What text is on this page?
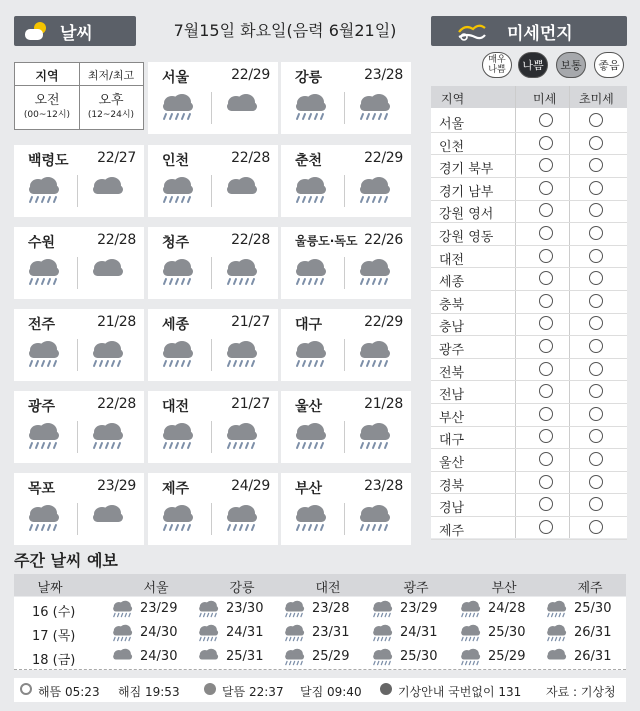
날씨	7월15일 화요일(음력 6월21일)	미세먼지
지역	최저/최고
오전
(00~12시)
오후
(12~24시)
서울	22/29 강릉	23/28
백령도 22/27 인천	22/28 춘천	22/29
수원	22/28 청주	22/28 울릉도·독도 22/26
전주	21/28 세종	21/27 대구	22/29
광주	22/28 대전	21/27 울산	21/28
목포	23/29 제주	24/29 부산	23/28
매우나쁨	나쁨	보통	좋음
지역	미세 초미세
서울
인천
경기 북부
경기 남부
강원 영서
강원 영동
대전
세종
충북
충남
광주
전북
전남
부산
대구
울산
경북
경남
제주
주간 날씨 예보
날짜	서울	강릉	대전	광주	부산	제주
16 (수)	23/29	23/30	23/28	23/29	24/28	25/30
17 (목)	24/30	24/31	23/31	24/31	25/30	26/31
18 (금)	24/30	25/31	25/29	25/30	25/29	26/31
해뜸 05:23 해짐 19:53	달뜸 22:37 달짐 09:40	기상안내 국번없이 131 자료 : 기상청
